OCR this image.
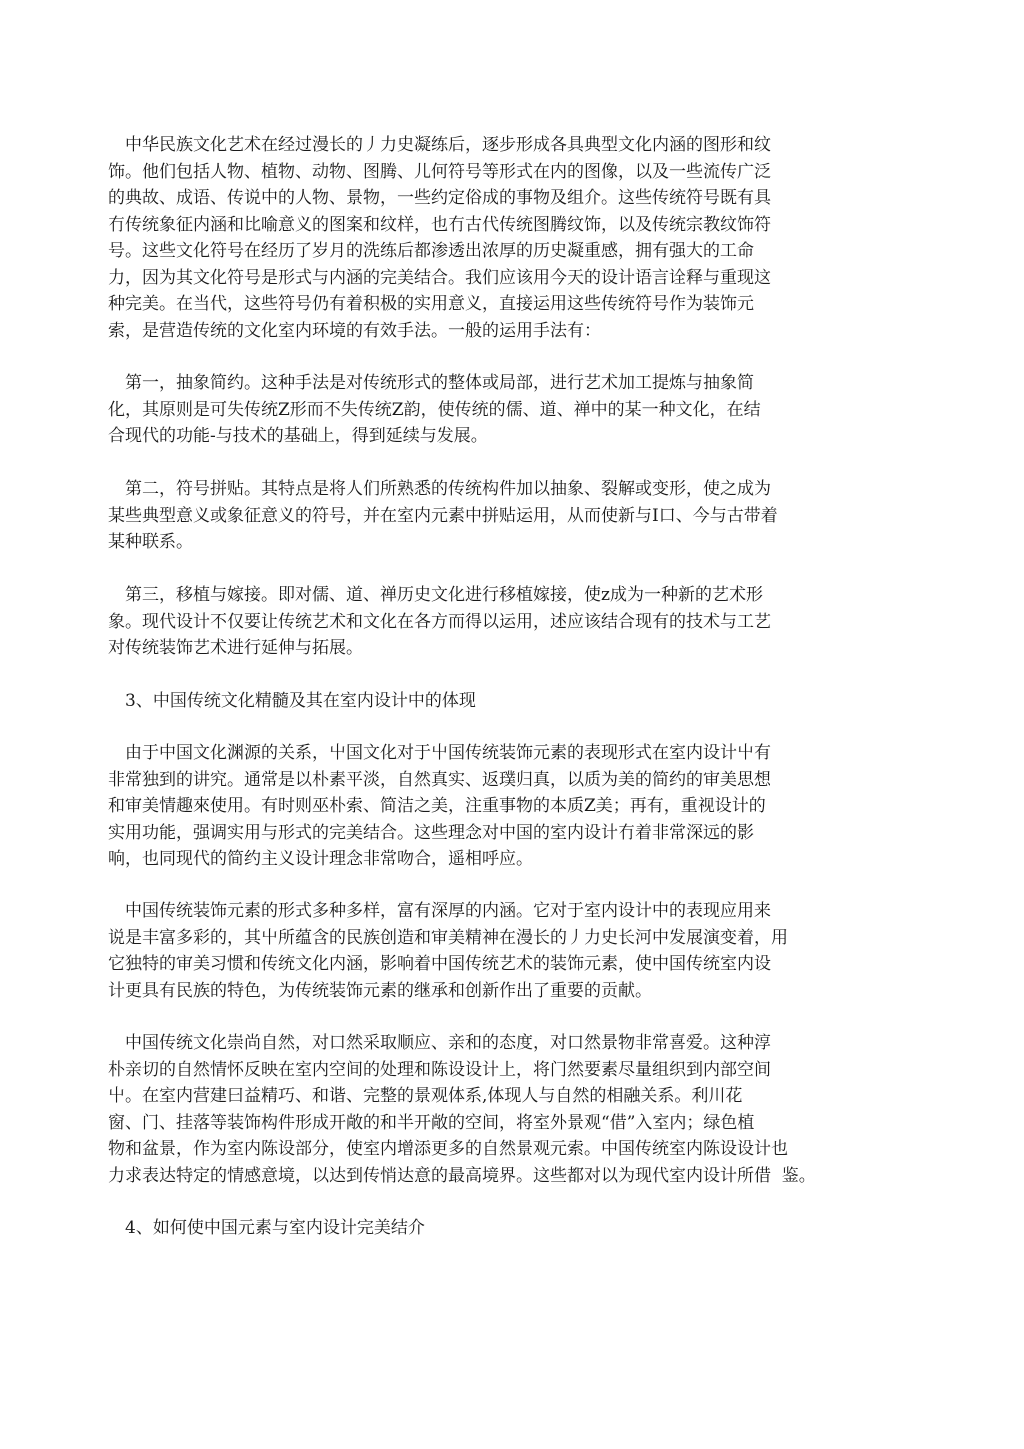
　中华民族文化艺术在经过漫长的丿力史凝练后，逐步形成各具典型文化内涵的图形和纹
饰。他们包括人物、植物、动物、图腾、儿何符号等形式在内的图像，以及一些流传广泛
的典故、成语、传说中的人物、景物，一些约定俗成的事物及组介。这些传统符号既有具
冇传统象征内涵和比喻意义的图案和纹样，也冇古代传统图腾纹饰，以及传统宗教纹饰符
号。这些文化符号在经历了岁月的洗练后都渗透出浓厚的历史凝重感，拥有强大的工命
力，因为其文化符号是形式与内涵的完美结合。我们应该用今天的设计语言诠释与重现这
种完美。在当代，这些符号仍有着积极的实用意义，直接运用这些传统符号作为装饰元
索，是营造传统的文化室内环境的有效手法。一般的运用手法有：
　第一，抽象简约。这种手法是对传统形式的整体或局部，进行艺术加工提炼与抽象简
化，其原则是可失传统Z形而不失传统Z韵，使传统的儒、道、禅中的某一种文化，在结
合现代的功能-与技术的基础上，得到延续与发展。
　第二，符号拼贴。其特点是将人们所熟悉的传统构件加以抽象、裂解或变形，使之成为
某些典型意义或象征意义的符号，并在室内元素中拼贴运用，从而使新与I口、今与古带着
某种联系。
　第三，移植与嫁接。即对儒、道、禅历史文化进行移植嫁接，使z成为一种新的艺术形
象。现代设计不仅要让传统艺术和文化在各方而得以运用，述应该结合现有的技术与工艺
对传统装饰艺术进行延伸与拓展。
　3、中国传统文化精髓及其在室内设计中的体现
　由于中国文化渊源的关系，屮国文化对于屮国传统装饰元素的表现形式在室内设计屮有
非常独到的讲究。通常是以朴素平淡，自然真实、返璞归真，以质为美的简约的审美思想
和审美情趣來使用。有时则巫朴索、简洁之美，注重事物的本质Z美；再有，重视设计的
实用功能，强调实用与形式的完美结合。这些理念对中国的室内设计冇着非常深远的影
响，也同现代的简约主义设计理念非常吻合，遥相呼应。
　中国传统装饰元素的形式多种多样，富有深厚的内涵。它对于室内设计中的表现应用来
说是丰富多彩的，其屮所蕴含的民族创造和审美精神在漫长的丿力史长河中发展演变着，用
它独特的审美习惯和传统文化内涵，影响着中国传统艺术的装饰元素，使中国传统室内设
计更具有民族的特色，为传统装饰元素的继承和创新作出了重要的贡献。
　中国传统文化崇尚自然，对口然采取顺应、亲和的态度，对口然景物非常喜爱。这种淳
朴亲切的自然情怀反映在室内空间的处理和陈设设计上，将门然要素尽量组织到内部空间
屮。在室内营建曰益精巧、和谐、完整的景观体系,体现人与自然的相融关系。利川花
窗、门、挂落等装饰构件形成开敞的和半开敞的空间，将室外景观“借”入室内；绿色植
物和盆景，作为室内陈设部分，使室内增添更多的自然景观元索。中国传统室内陈设设计也
力求表达特定的情感意境，以达到传悄达意的最高境界。这些都对以为现代室内设计所借  鉴。
　4、如何使中国元素与室内设计完美结介
